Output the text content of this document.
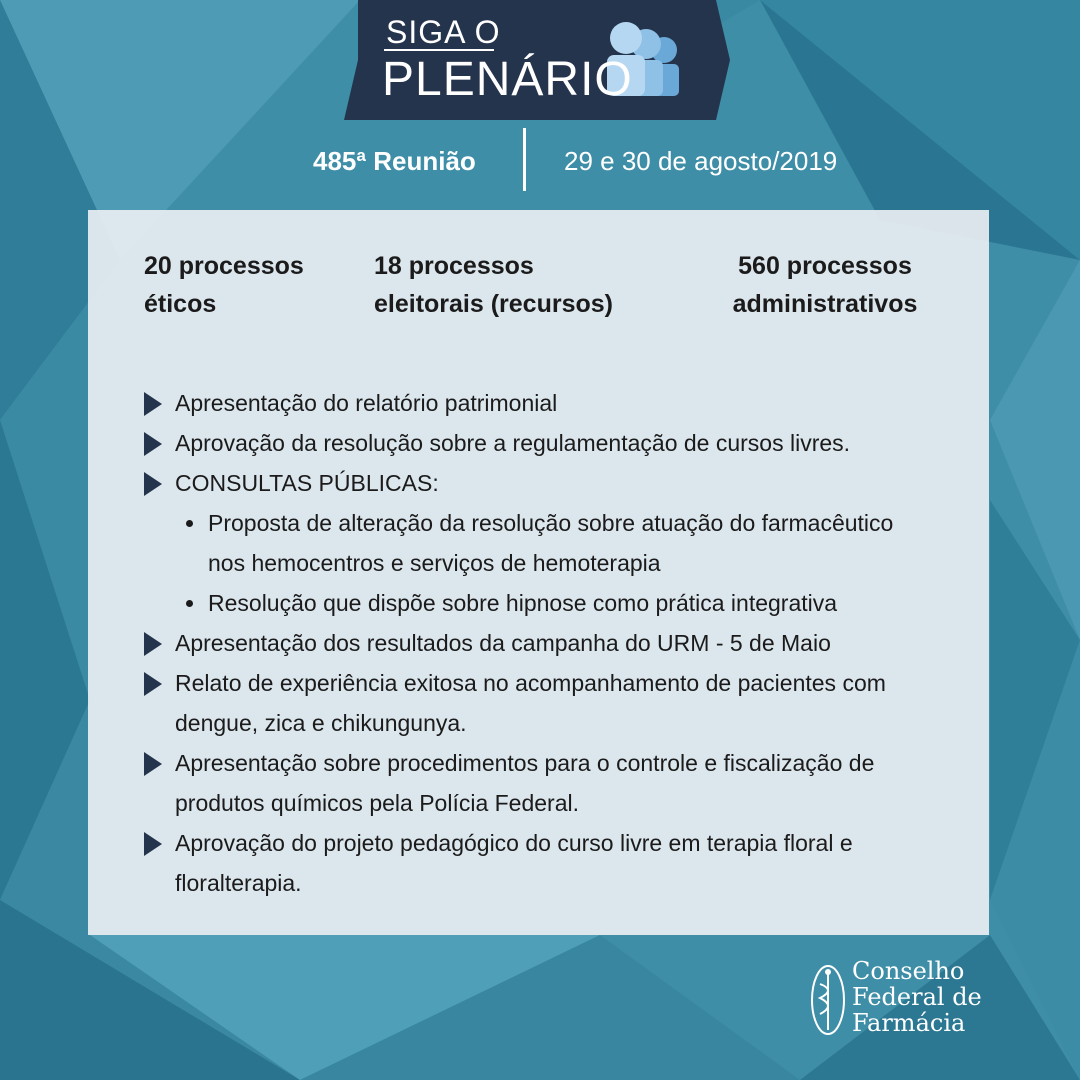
SIGA O
PLENÁRIO
485ª Reunião	29 e 30 de agosto/2019
20 processos
éticos
18 processos
eleitorais (recursos)
560 processos
administrativos
Apresentação do relatório patrimonial
Aprovação da resolução sobre a regulamentação de cursos livres.
CONSULTAS PÚBLICAS:
Proposta de alteração da resolução sobre atuação do farmacêutico nos hemocentros e serviços de hemoterapia
Resolução que dispõe sobre hipnose como prática integrativa
Apresentação dos resultados da campanha do URM - 5 de Maio
Relato de experiência exitosa no acompanhamento de pacientes com dengue, zica e chikungunya.
Apresentação sobre procedimentos para o controle e fiscalização de produtos químicos pela Polícia Federal.
Aprovação do projeto pedagógico do curso livre em terapia floral e floralterapia.
Conselho
Federal de
Farmácia
